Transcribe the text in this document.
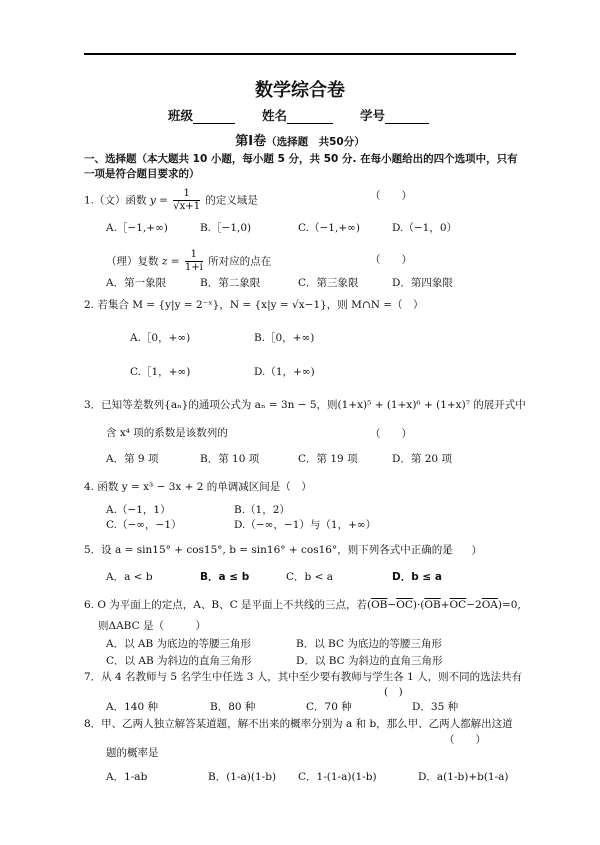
数学综合卷
班级	姓名	学号
第Ⅰ卷（选择题　共50分）
一、选择题（本大题共 10 小题，每小题 5 分，共 50 分. 在每小题给出的四个选项中，只有
一项是符合题目要求的）
1.（文）函数 $y = \frac{1}{√x+1}$ 的定义域是	（　　）
A.［−1,+∞)	B.［−1,0)	C.（−1,+∞)	D.（−1，0）
（理）复数 $z = \frac{1}{1+i}$ 所对应的点在	（　　）
A．第一象限	B．第二象限	C．第三象限	D．第四象限
2. 若集合 M = {y|y = 2⁻ˣ}，N = {x|y = √x−1}，则 M∩N =（　）
A.［0，+∞)	B.［0，+∞)
C.［1，+∞)	D.（1，+∞)
3．已知等差数列{aₙ}的通项公式为 aₙ = 3n − 5，则(1+x)⁵ + (1+x)⁶ + (1+x)⁷ 的展开式中
含 x⁴ 项的系数是该数列的	（　　）
A．第 9 项	B．第 10 项	C．第 19 项	D．第 20 项
4. 函数 y = x³ − 3x + 2 的单调减区间是（　）
A.（−1，1）	B.（1，2）
C.（−∞，−1）	D.（−∞，−1）与（1，+∞）
5．设 a = sin15° + cos15°, b = sin16° + cos16°，则下列各式中正确的是
（　　）
A．a < b	B．a ≤ b	C．b < a	D．b ≤ a
6. O 为平面上的定点，A、B、C 是平面上不共线的三点，若$(\overline{OB}-\overline{OC})\cdot(\overline{OB}+\overline{OC}-2\overline{OA})=0$,
则ΔABC 是（　　　）
A．以 AB 为底边的等腰三角形	B．以 BC 为底边的等腰三角形
C．以 AB 为斜边的直角三角形	D．以 BC 为斜边的直角三角形
7．从 4 名教师与 5 名学生中任选 3 人，其中至少要有教师与学生各 1 人，则不同的选法共有
(　)
A．140 种	B．80 种	C．70 种	D．35 种
8．甲、乙两人独立解答某道题，解不出来的概率分别为 a 和 b，那么甲、乙两人都解出这道
（　　）
题的概率是
A．1-ab	B．(1-a)(1-b) C．1-(1-a)(1-b)	D．a(1-b)+b(1-a)
